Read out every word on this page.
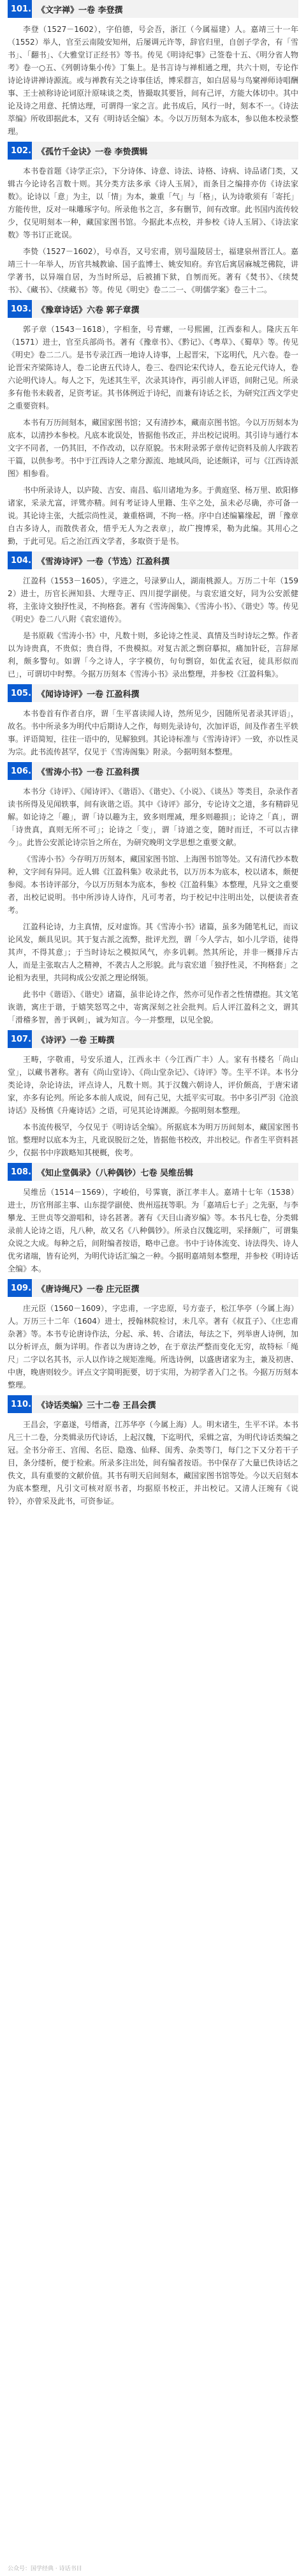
101. 《文字禅》一卷 李登撰

李登（1527－1602），字伯德，号会吾，浙江（今属福建）人。嘉靖三十一年（1552）举人，官至云南陵安知州，后屡调元许等，辞官归里，自创子学舍，有「雪书」、「翻书」、《大雅堂订正经书》等书。传见《明诗纪事》己签卷十五、《明分省人物考》卷一○五、《列朝诗集小传》丁集上。是书言诗与禅相通之理，共六十则，专论作诗论诗讲禅诗源流。或与禅教有关之诗事佳话，博采群言，如白居易与鸟窠禅师诗唱酬事、王士祯称诗论词原汁原味谈之类，皆撮取其要旨，间有己评，方能大体切中。其中论及诗之用意、托情达理，可谓得一家之言。此书成后，风行一时，刻本不一。《诗法萃编》所收即据此本，又有《明诗话全编》本。今以万历刻本为底本，参以他本校录整理。

102. 《孤竹千金诀》一卷 李贽撰辑

本书卷首题《诗学正宗》，下分诗体、诗意、诗法、诗格、诗病、诗品诸门类，又辑古今论诗名言数十则。其分类方法多承《诗人玉屑》，而条目之编排亦仿《诗法家数》。论诗以「意」为主，以「情」为本，兼重「气」与「格」，认为诗歌须有「寄托」方能传世，反对一味雕琢字句。所录他书之言，多有删节，间有改窜。此书国内流传较少，仅见明刻本一种，藏国家图书馆。今据此本点校，并参校《诗人玉屑》、《诗法家数》等书订正讹误。

李贽（1527－1602），号卓吾，又号宏甫，别号温陵居士，福建泉州晋江人。嘉靖三十一年举人，历官共城教谕、国子监博士、姚安知府。弃官后寓居麻城芝佛院，讲学著书，以异端自居，为当时所忌，后被捕下狱，自刎而死。著有《焚书》、《续焚书》、《藏书》、《续藏书》等。传见《明史》卷二二一、《明儒学案》卷三十二。

103. 《豫章诗话》六卷 郭子章撰

郭子章（1543－1618），字相奎，号青螺，一号熙圃，江西泰和人。隆庆五年（1571）进士，官至兵部尚书。著有《豫章书》、《黔记》、《粤草》、《蜀草》等。传见《明史》卷二二八。是书专录江西一地诗人诗事，上起晋宋，下迄明代，凡六卷。卷一论晋宋齐梁陈诗人，卷二论唐五代诗人，卷三、卷四论宋代诗人，卷五论元代诗人，卷六论明代诗人。每人之下，先述其生平，次录其诗作，再引前人评语，间附己见。所录多有他书未载者，足资考证。其书体例近于诗纪，而兼有诗话之长，为研究江西文学史之重要资料。

本书有万历间刻本，藏国家图书馆；又有清抄本，藏南京图书馆。今以万历刻本为底本，以清抄本参校。凡底本讹误处，皆据他书改正，并出校记说明。其引诗与通行本文字不同者，一仍其旧，不作改动，以存原貌。书末附录郭子章传记资料及前人序跋若干篇，以供参考。书中于江西诗人之辈分源流、地域风尚，论述颇详，可与《江西诗派图》相参看。

书中所录诗人，以庐陵、吉安、南昌、临川诸地为多。于黄庭坚、杨万里、欧阳修诸家，采录尤富，评骘亦精。间有考证诗人里籍、生卒之处，虽未必尽确，亦可备一说。其论诗主张，大抵宗尚性灵，兼重格调，不拘一格。序中自述编纂缘起，谓「豫章自古多诗人，而散佚者众，惜乎无人为之表章」，故广搜博采，勒为此编。其用心之勤，于此可见。后之治江西文学者，多取资于是书。

104. 《雪涛诗评》一卷（节选）江盈科撰

江盈科（1553－1605），字进之，号渌萝山人，湖南桃源人。万历二十年（1592）进士，历官长洲知县、大理寺正、四川提学副使。与袁宏道交好，同为公安派健将，主张诗文独抒性灵，不拘格套。著有《雪涛阁集》、《雪涛小书》、《谐史》等。传见《明史》卷二八八附《袁宏道传》。

是书原载《雪涛小书》中，凡数十则，多论诗之性灵、真情及当时诗坛之弊。作者以为诗贵真，不贵似；贵自得，不贵模拟。对复古派之剽窃摹拟，痛加针砭，言辞犀利，颇多警句。如谓「今之诗人，字字模仿，句句剽窃，如优孟衣冠，徒具形似而已」，可谓切中时弊。今据万历刻本《雪涛小书》录出整理，并参校《江盈科集》。

105. 《闻诗诗评》一卷 江盈科撰

本书卷首有作者自序，谓「生平喜读闻人诗，然所见少，因随所见者录其评语」，故名。书中所录多为明代中后期诗人之作，每则先录诗句，次加评语，间及作者生平轶事。评语简短，往往一语中的，见解独到。其论诗标准与《雪涛诗评》一致，亦以性灵为宗。此书流传甚罕，仅见于《雪涛阁集》附录。今据明刻本整理。

106. 《雪涛小书》一卷 江盈科撰

本书分《诗评》、《闻诗评》、《谐语》、《谐史》、《小说》、《谈丛》等类目，杂录作者读书所得及见闻轶事，间有诙谐之语。其中《诗评》部分，专论诗文之道，多有精辟见解。如论诗之「趣」，谓「诗以趣为主，致多则理减，理多则趣损」；论诗之「真」，谓「诗贵真，真则无所不可」；论诗之「变」，谓「诗道之变，随时而迁，不可以古律今」。此皆公安派论诗宗旨之所在，为研究晚明文学思想之重要文献。

《雪涛小书》今存明万历刻本，藏国家图书馆、上海图书馆等处。又有清代抄本数种，文字间有异同。近人辑《江盈科集》收录此书，以万历本为底本，校以诸本，颇便参阅。本书诗评部分，今以万历刻本为底本，参校《江盈科集》本整理，凡异文之重要者，出校记说明。书中所涉诗人诗作，凡可考者，均于校记中注明出处，以便读者查考。

江盈科论诗，力主真情，反对虚饰。其《雪涛小书》诸篇，虽多为随笔札记，而议论风发，颇具见识。其于复古派之流弊，批评尤烈，谓「今人学古，如小儿学语，徒得其声，不得其意」；于当时诗坛之模拟风气，亦多讥刺。然其所论，并非一概排斥古人，而是主张取古人之精神，不袭古人之形貌。此与袁宏道「独抒性灵，不拘格套」之论相为表里，共同构成公安派之理论纲领。

此书中《谐语》、《谐史》诸篇，虽非论诗之作，然亦可见作者之性情襟抱。其文笔诙谐，寓庄于谐，于嬉笑怒骂之中，寄寓深刻之社会批判。后人评江盈科之文，谓其「滑稽多智，善于讽刺」，诚为知言。今一并整理，以见全貌。

107. 《诗评》一卷 王畴撰

王畴，字敬甫，号安乐道人，江西永丰（今江西广丰）人。家有书楼名「尚山堂」，以藏书著称。著有《尚山堂诗》、《尚山堂杂记》、《诗评》等。生平不详。本书分类论诗，杂论诗法，评点诗人，凡数十则。其于汉魏六朝诗人，评价颇高，于唐宋诸家，亦多有论列。所论多本前人成说，间有己见，大抵平实可取。书中多引严羽《沧浪诗话》及杨慎《升庵诗话》之语，可见其论诗渊源。今据明刻本整理。

本书流传极罕，今仅见于《明诗话全编》。所据底本为明万历间刻本，藏国家图书馆。整理时以底本为主，凡讹误脱衍之处，皆据他书校改，并出校记。作者生平资料甚少，仅据书中序跋略知其梗概，俟考。

108. 《知止堂偶录》（八种偶钞）七卷 吴维岳辑

吴维岳（1514－1569），字峻伯，号霁寰，浙江孝丰人。嘉靖十七年（1538）进士，历官刑部主事、山东提学副使、贵州巡抚等职。为「嘉靖后七子」之先驱，与李攀龙、王世贞等交游唱和，诗名甚著。著有《天目山斋岁编》等。本书凡七卷，分类辑录前人论诗之语，凡八种，故又名《八种偶钞》。所录自汉魏迄明，采择颇广，可谓集众说之大成。每种之后，间附编者按语，略申己意。书中于诗体流变、诗法得失、诗人优劣诸端，皆有论列，为明代诗话汇编之一种。今据明嘉靖刻本整理，并参校《明诗话全编》本。

109. 《唐诗绳尺》一卷 庄元臣撰

庄元臣（1560－1609），字忠甫，一字忠原，号方壶子，松江华亭（今属上海）人。万历三十二年（1604）进士，授翰林院检讨，未几卒。著有《叔苴子》、《庄忠甫杂著》等。本书专论唐诗作法，分起、承、转、合诸法，每法之下，列举唐人诗例，加以分析评点，颇为详明。作者以为唐诗之妙，在于章法严整而变化无穷，故特标「绳尺」二字以名其书，示人以作诗之规矩准绳。所选诗例，以盛唐诸家为主，兼及初唐、中唐，晚唐则较少。评点文字简明扼要，切于实用，为初学者入门之书。今据万历刻本整理。

110. 《诗话类编》三十二卷 王昌会撰

王昌会，字嘉遂，号缙斋，江苏华亭（今属上海）人。明末诸生，生平不详。本书凡三十二卷，分类辑录历代诗话，上起汉魏，下迄明代，采辑之富，为明代诗话类编之冠。全书分帝王、宫闱、名臣、隐逸、仙释、闺秀、杂类等门，每门之下又分若干子目，条分缕析，便于检索。所录多注出处，间有编者按语。书中保存了大量已佚诗话之佚文，具有重要的文献价值。其书有明天启间刻本，藏国家图书馆等处。今以天启刻本为底本整理，凡引文可核对原书者，均据原书校正，并出校记。又清人汪琬有《说铃》，亦曾采及此书，可资参证。

公众号：国学经典 · 诗话书目
